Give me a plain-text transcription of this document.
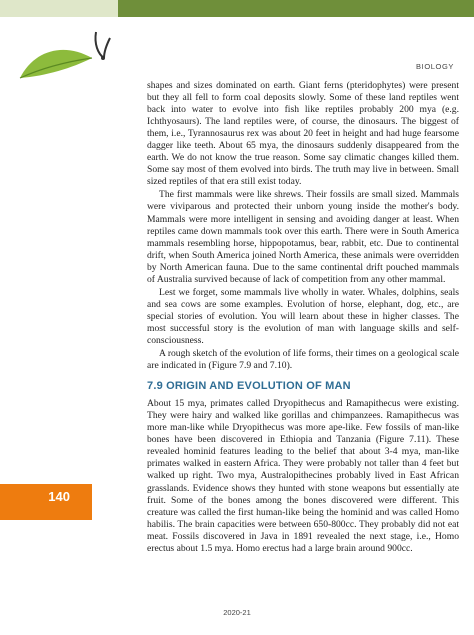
BIOLOGY

shapes and sizes dominated on earth. Giant ferns (pteridophytes) were present but they all fell to form coal deposits slowly. Some of these land reptiles went back into water to evolve into fish like reptiles probably 200 mya (e.g. Ichthyosaurs). The land reptiles were, of course, the dinosaurs. The biggest of them, i.e., Tyrannosaurus rex was about 20 feet in height and had huge fearsome dagger like teeth. About 65 mya, the dinosaurs suddenly disappeared from the earth. We do not know the true reason. Some say climatic changes killed them. Some say most of them evolved into birds. The truth may live in between. Small sized reptiles of that era still exist today.

The first mammals were like shrews. Their fossils are small sized. Mammals were viviparous and protected their unborn young inside the mother's body. Mammals were more intelligent in sensing and avoiding danger at least. When reptiles came down mammals took over this earth. There were in South America mammals resembling horse, hippopotamus, bear, rabbit, etc. Due to continental drift, when South America joined North America, these animals were overridden by North American fauna. Due to the same continental drift pouched mammals of Australia survived because of lack of competition from any other mammal.

Lest we forget, some mammals live wholly in water. Whales, dolphins, seals and sea cows are some examples. Evolution of horse, elephant, dog, etc., are special stories of evolution. You will learn about these in higher classes. The most successful story is the evolution of man with language skills and self-consciousness.

A rough sketch of the evolution of life forms, their times on a geological scale are indicated in (Figure 7.9 and 7.10).

7.9 ORIGIN AND EVOLUTION OF MAN

About 15 mya, primates called Dryopithecus and Ramapithecus were existing. They were hairy and walked like gorillas and chimpanzees. Ramapithecus was more man-like while Dryopithecus was more ape-like. Few fossils of man-like bones have been discovered in Ethiopia and Tanzania (Figure 7.11). These revealed hominid features leading to the belief that about 3-4 mya, man-like primates walked in eastern Africa. They were probably not taller than 4 feet but walked up right. Two mya, Australopithecines probably lived in East African grasslands. Evidence shows they hunted with stone weapons but essentially ate fruit. Some of the bones among the bones discovered were different. This creature was called the first human-like being the hominid and was called Homo habilis. The brain capacities were between 650-800cc. They probably did not eat meat. Fossils discovered in Java in 1891 revealed the next stage, i.e., Homo erectus about 1.5 mya. Homo erectus had a large brain around 900cc.

140
2020-21
